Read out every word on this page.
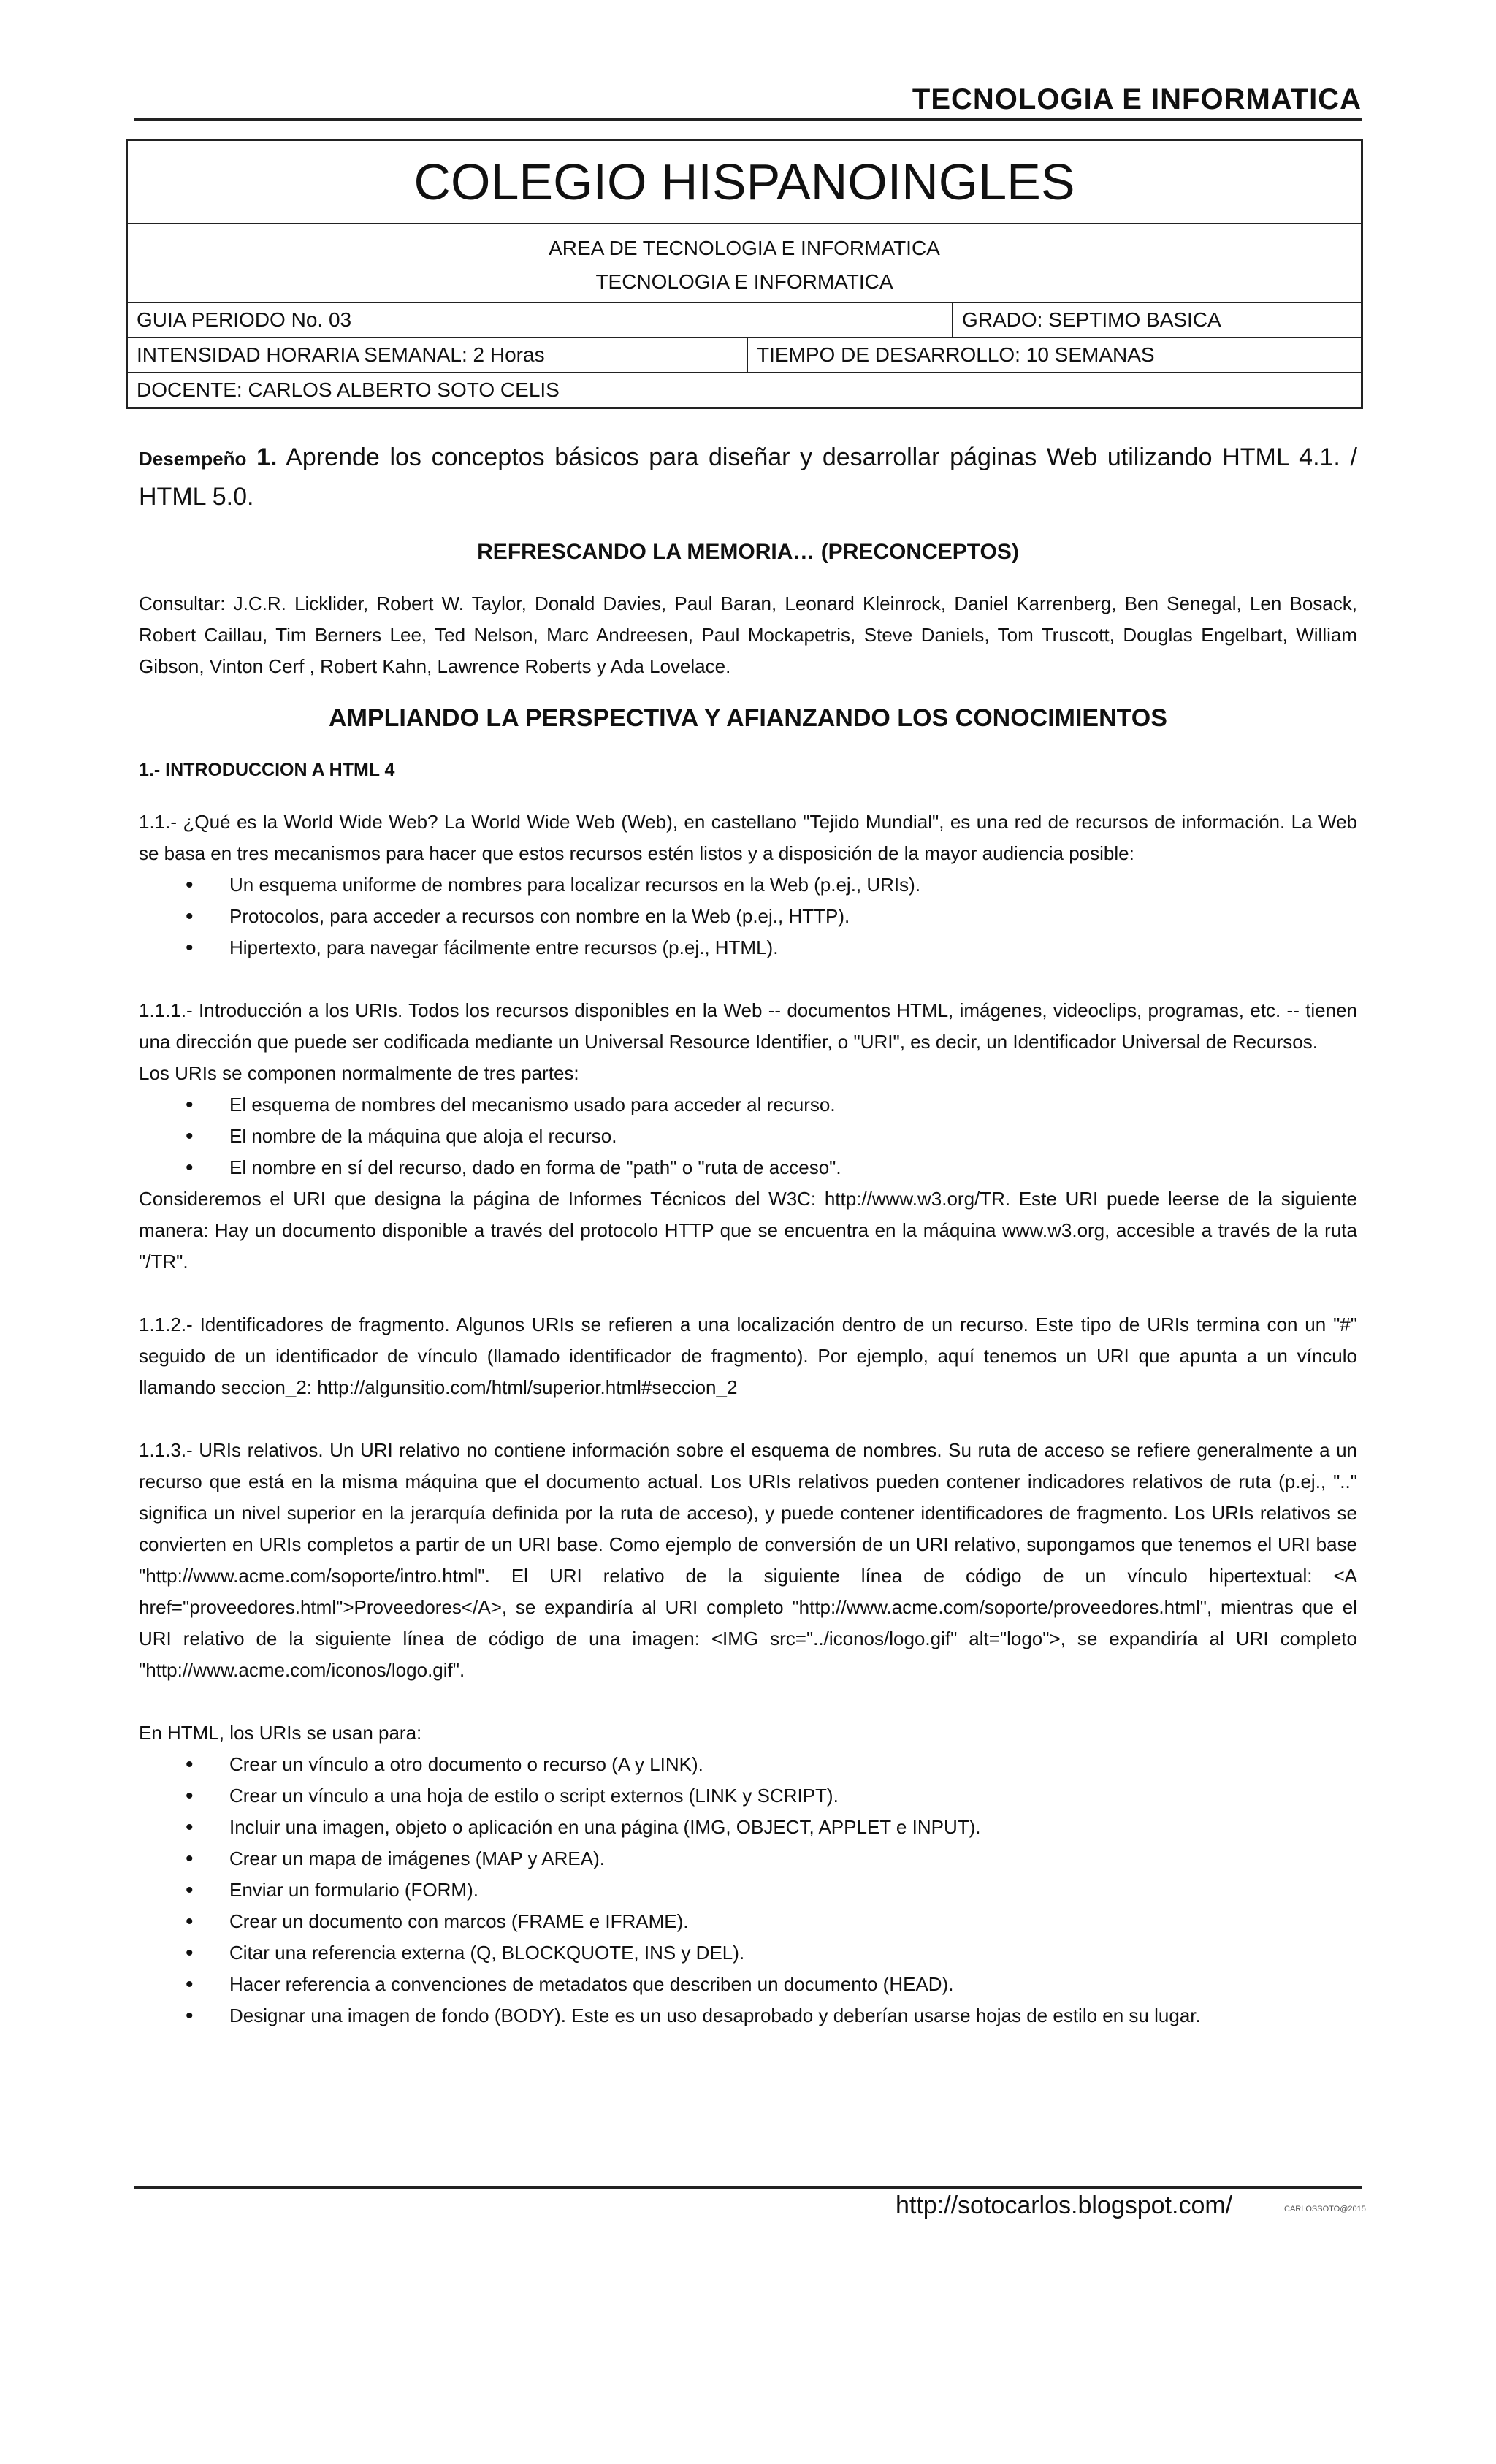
TECNOLOGIA E INFORMATICA
COLEGIO HISPANOINGLES
AREA DE TECNOLOGIA E INFORMATICA
TECNOLOGIA E INFORMATICA
GUIA PERIODO No. 03	GRADO: SEPTIMO BASICA
INTENSIDAD HORARIA SEMANAL: 2 Horas	TIEMPO DE DESARROLLO: 10 SEMANAS
DOCENTE: CARLOS ALBERTO SOTO CELIS

Desempeño 1. Aprende los conceptos básicos para diseñar y desarrollar páginas Web utilizando HTML 4.1. / HTML 5.0.

REFRESCANDO LA MEMORIA… (PRECONCEPTOS)

Consultar: J.C.R. Licklider, Robert W. Taylor, Donald Davies, Paul Baran, Leonard Kleinrock, Daniel Karrenberg, Ben Senegal, Len Bosack, Robert Caillau, Tim Berners Lee, Ted Nelson, Marc Andreesen, Paul Mockapetris, Steve Daniels, Tom Truscott, Douglas Engelbart, William Gibson, Vinton Cerf , Robert Kahn, Lawrence Roberts y Ada Lovelace.

AMPLIANDO LA PERSPECTIVA Y AFIANZANDO LOS CONOCIMIENTOS

1.- INTRODUCCION A HTML 4

1.1.- ¿Qué es la World Wide Web? La World Wide Web (Web), en castellano "Tejido Mundial", es una red de recursos de información. La Web se basa en tres mecanismos para hacer que estos recursos estén listos y a disposición de la mayor audiencia posible:

• Un esquema uniforme de nombres para localizar recursos en la Web (p.ej., URIs).
• Protocolos, para acceder a recursos con nombre en la Web (p.ej., HTTP).
• Hipertexto, para navegar fácilmente entre recursos (p.ej., HTML).

1.1.1.- Introducción a los URIs. Todos los recursos disponibles en la Web -- documentos HTML, imágenes, videoclips, programas, etc. -- tienen una dirección que puede ser codificada mediante un Universal Resource Identifier, o "URI", es decir, un Identificador Universal de Recursos.

Los URIs se componen normalmente de tres partes:

• El esquema de nombres del mecanismo usado para acceder al recurso.
• El nombre de la máquina que aloja el recurso.
• El nombre en sí del recurso, dado en forma de "path" o "ruta de acceso".

Consideremos el URI que designa la página de Informes Técnicos del W3C: http://www.w3.org/TR. Este URI puede leerse de la siguiente manera: Hay un documento disponible a través del protocolo HTTP que se encuentra en la máquina www.w3.org, accesible a través de la ruta "/TR".

1.1.2.- Identificadores de fragmento. Algunos URIs se refieren a una localización dentro de un recurso. Este tipo de URIs termina con un "#" seguido de un identificador de vínculo (llamado identificador de fragmento). Por ejemplo, aquí tenemos un URI que apunta a un vínculo llamando seccion_2: http://algunsitio.com/html/superior.html#seccion_2

1.1.3.- URIs relativos. Un URI relativo no contiene información sobre el esquema de nombres. Su ruta de acceso se refiere generalmente a un recurso que está en la misma máquina que el documento actual. Los URIs relativos pueden contener indicadores relativos de ruta (p.ej., ".." significa un nivel superior en la jerarquía definida por la ruta de acceso), y puede contener identificadores de fragmento. Los URIs relativos se convierten en URIs completos a partir de un URI base. Como ejemplo de conversión de un URI relativo, supongamos que tenemos el URI base "http://www.acme.com/soporte/intro.html". El URI relativo de la siguiente línea de código de un vínculo hipertextual: <A href="proveedores.html">Proveedores</A>, se expandiría al URI completo "http://www.acme.com/soporte/proveedores.html", mientras que el URI relativo de la siguiente línea de código de una imagen: <IMG src="../iconos/logo.gif" alt="logo">, se expandiría al URI completo "http://www.acme.com/iconos/logo.gif".

En HTML, los URIs se usan para:

• Crear un vínculo a otro documento o recurso (A y LINK).
• Crear un vínculo a una hoja de estilo o script externos (LINK y SCRIPT).
• Incluir una imagen, objeto o aplicación en una página (IMG, OBJECT, APPLET e INPUT).
• Crear un mapa de imágenes (MAP y AREA).
• Enviar un formulario (FORM).
• Crear un documento con marcos (FRAME e IFRAME).
• Citar una referencia externa (Q, BLOCKQUOTE, INS y DEL).
• Hacer referencia a convenciones de metadatos que describen un documento (HEAD).
• Designar una imagen de fondo (BODY). Este es un uso desaprobado y deberían usarse hojas de estilo en su lugar.
http://sotocarlos.blogspot.com/	CARLOSSOTO@2015
